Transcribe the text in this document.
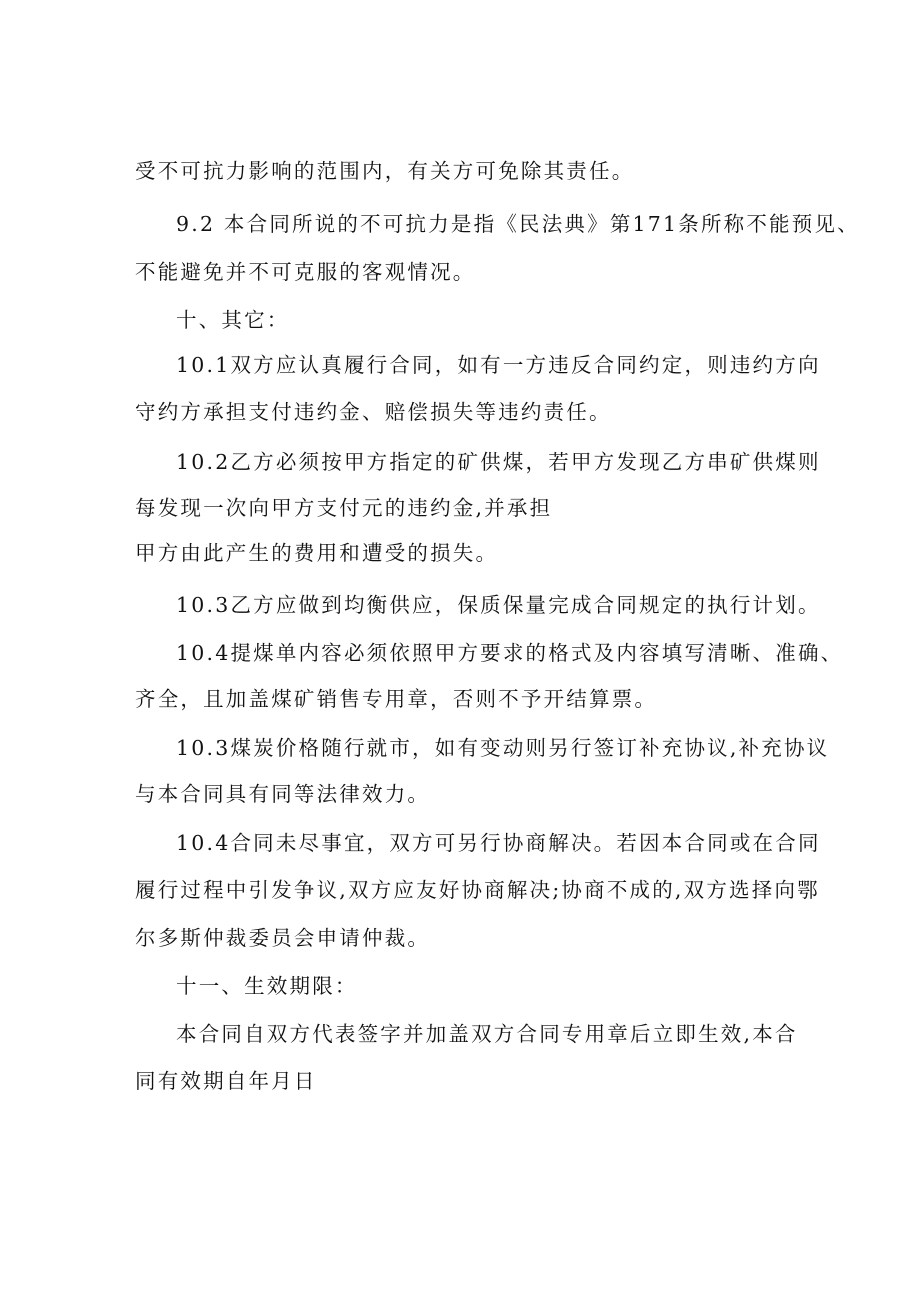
受不可抗力影响的范围内，有关方可免除其责任。
9.2 本合同所说的不可抗力是指《民法典》第171条所称不能预见、
不能避免并不可克服的客观情况。
十、其它：
10.1双方应认真履行合同，如有一方违反合同约定，则违约方向
守约方承担支付违约金、赔偿损失等违约责任。
10.2乙方必须按甲方指定的矿供煤，若甲方发现乙方串矿供煤则
每发现一次向甲方支付元的违约金,并承担
甲方由此产生的费用和遭受的损失。
10.3乙方应做到均衡供应，保质保量完成合同规定的执行计划。
10.4提煤单内容必须依照甲方要求的格式及内容填写清晰、准确、
齐全，且加盖煤矿销售专用章，否则不予开结算票。
10.3煤炭价格随行就市，如有变动则另行签订补充协议,补充协议
与本合同具有同等法律效力。
10.4合同未尽事宜，双方可另行协商解决。若因本合同或在合同
履行过程中引发争议,双方应友好协商解决;协商不成的,双方选择向鄂
尔多斯仲裁委员会申请仲裁。
十一、生效期限：
本合同自双方代表签字并加盖双方合同专用章后立即生效,本合
同有效期自年月日
